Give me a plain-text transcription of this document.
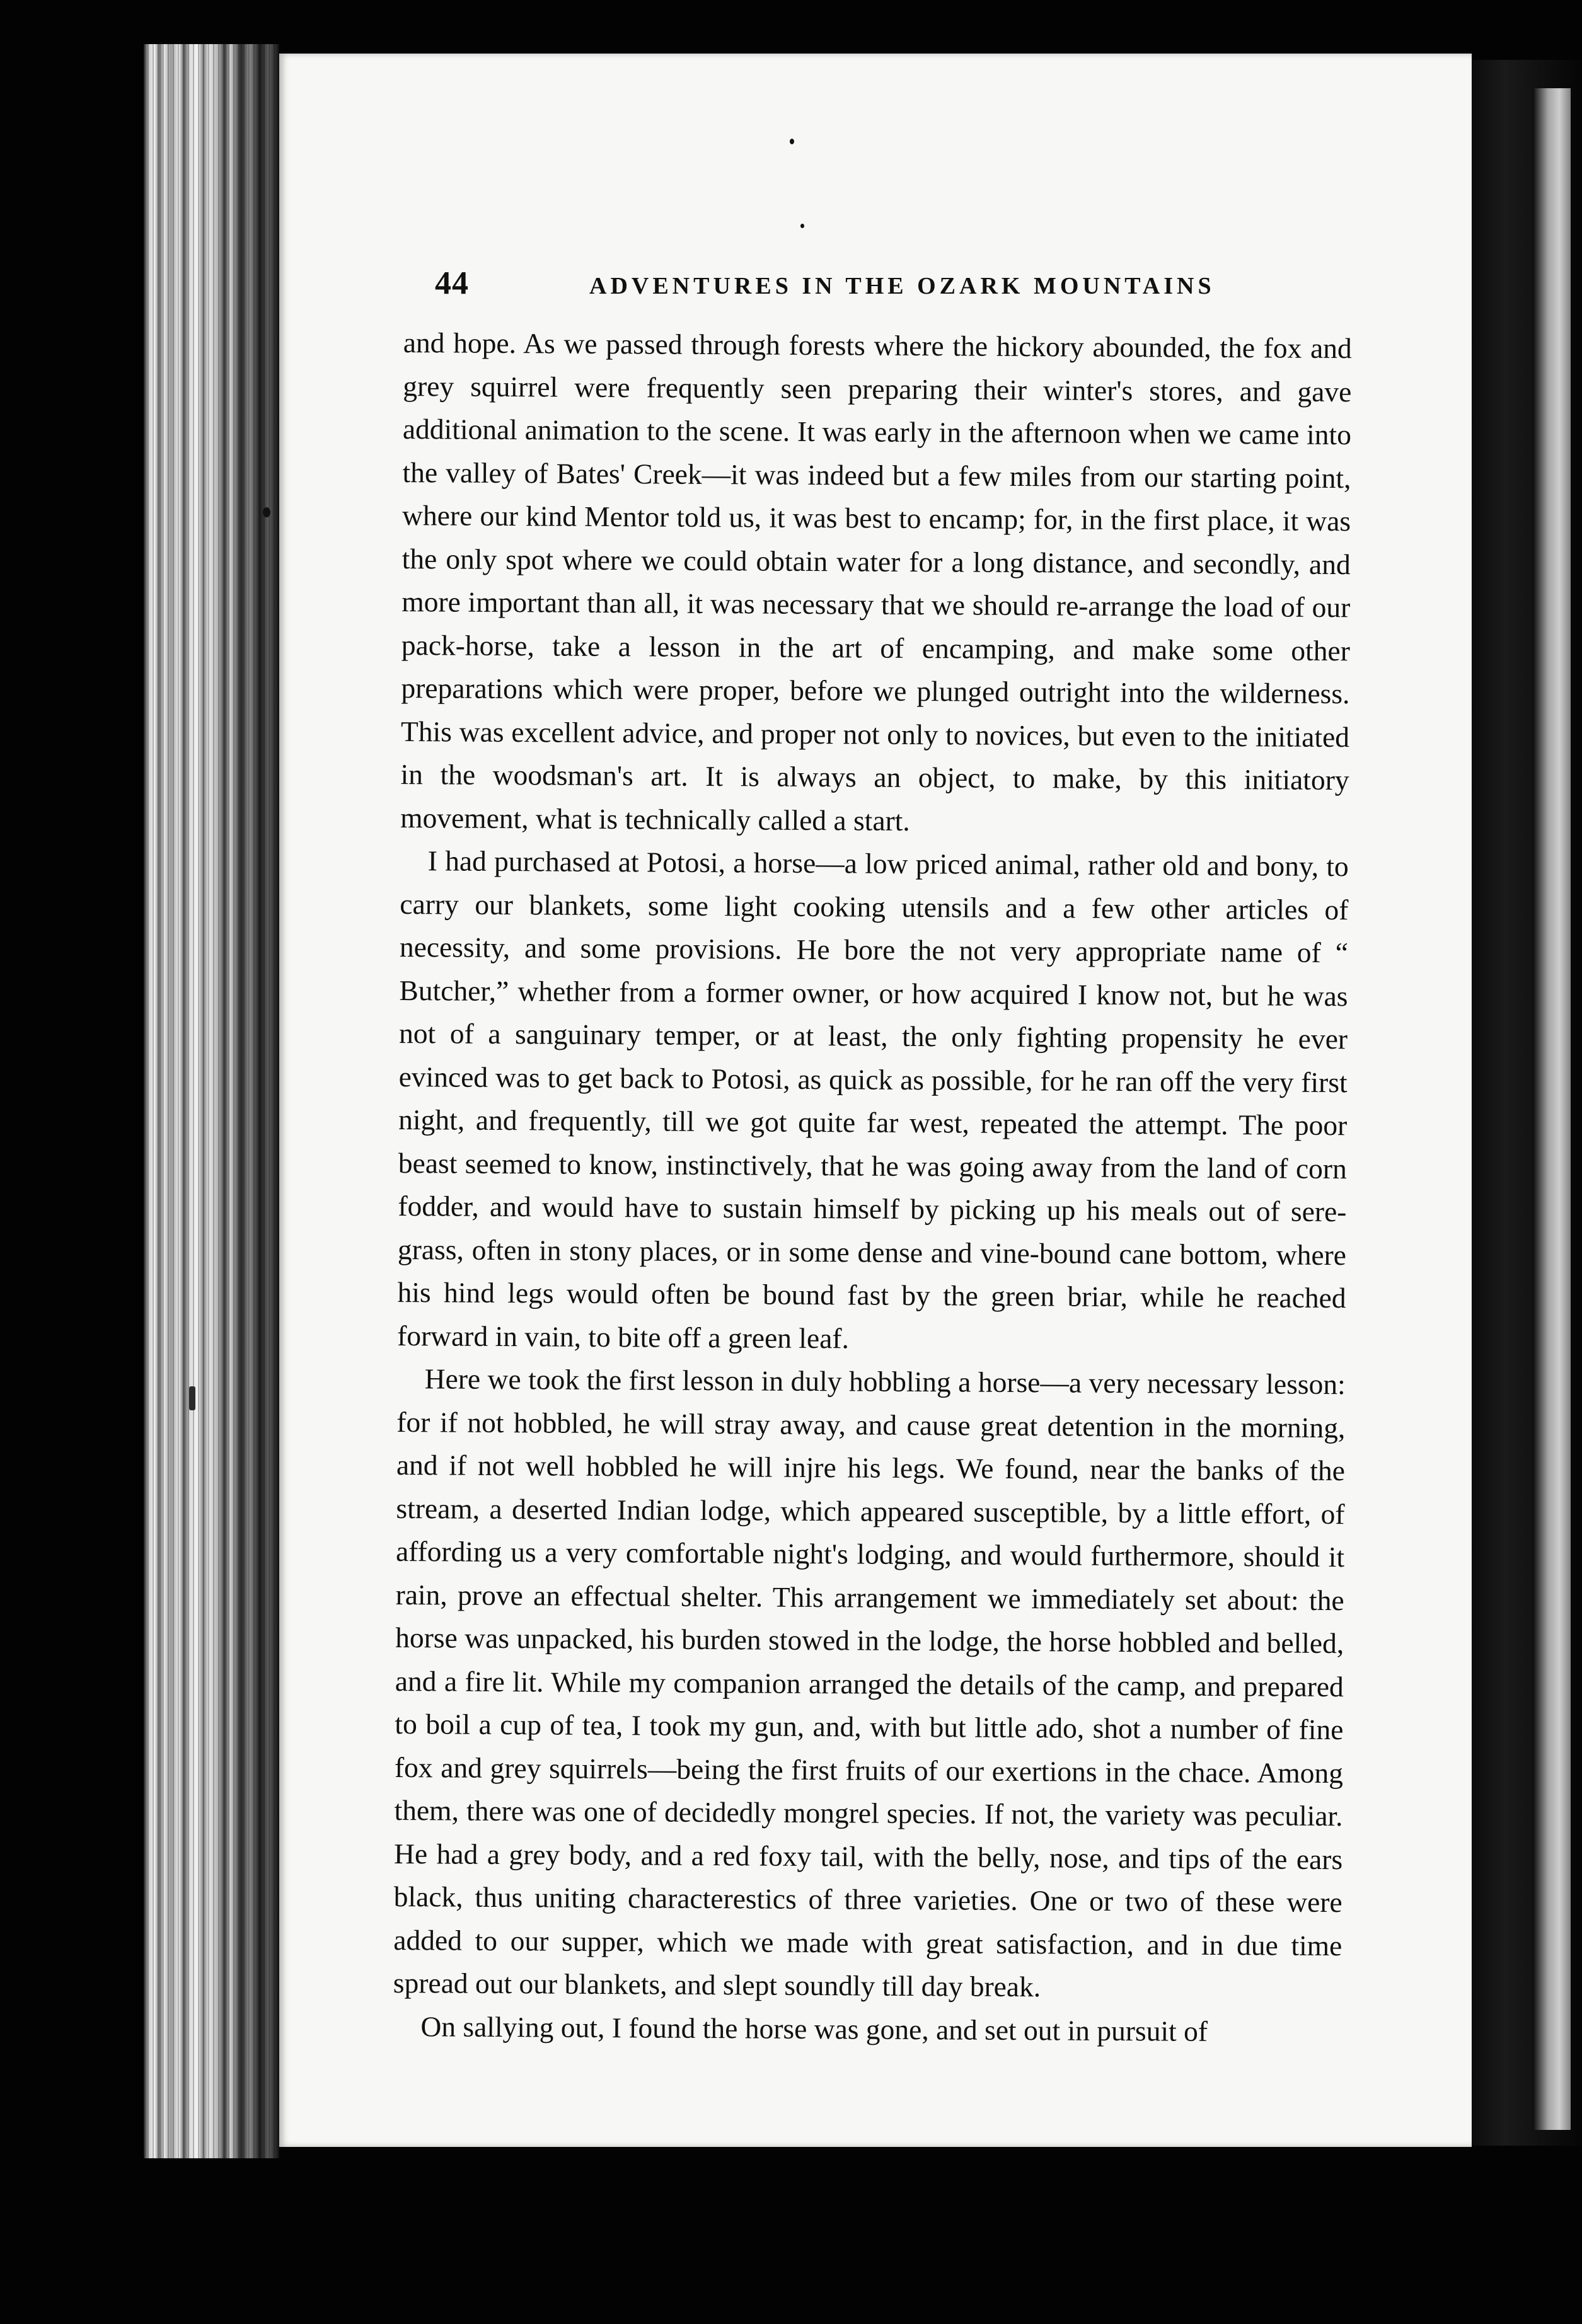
44	ADVENTURES IN THE OZARK MOUNTAINS

and hope. As we passed through forests where the hickory abounded, the fox and grey squirrel were frequently seen preparing their winter's stores, and gave additional animation to the scene. It was early in the afternoon when we came into the valley of Bates' Creek—it was indeed but a few miles from our starting point, where our kind Mentor told us, it was best to encamp; for, in the first place, it was the only spot where we could obtain water for a long distance, and secondly, and more important than all, it was necessary that we should re-arrange the load of our pack-horse, take a lesson in the art of encamping, and make some other preparations which were proper, before we plunged outright into the wilderness. This was excellent advice, and proper not only to novices, but even to the initiated in the woodsman's art. It is always an object, to make, by this initiatory movement, what is technically called a start.

I had purchased at Potosi, a horse—a low priced animal, rather old and bony, to carry our blankets, some light cooking utensils and a few other articles of necessity, and some provisions. He bore the not very appropriate name of “ Butcher,” whether from a former owner, or how acquired I know not, but he was not of a sanguinary temper, or at least, the only fighting propensity he ever evinced was to get back to Potosi, as quick as possible, for he ran off the very first night, and frequently, till we got quite far west, repeated the attempt. The poor beast seemed to know, instinctively, that he was going away from the land of corn fodder, and would have to sustain himself by picking up his meals out of sere-grass, often in stony places, or in some dense and vine-bound cane bottom, where his hind legs would often be bound fast by the green briar, while he reached forward in vain, to bite off a green leaf.

Here we took the first lesson in duly hobbling a horse—a very necessary lesson: for if not hobbled, he will stray away, and cause great detention in the morning, and if not well hobbled he will injre his legs. We found, near the banks of the stream, a deserted Indian lodge, which appeared susceptible, by a little effort, of affording us a very comfortable night's lodging, and would furthermore, should it rain, prove an effectual shelter. This arrangement we immediately set about: the horse was unpacked, his burden stowed in the lodge, the horse hobbled and belled, and a fire lit. While my companion arranged the details of the camp, and prepared to boil a cup of tea, I took my gun, and, with but little ado, shot a number of fine fox and grey squirrels—being the first fruits of our exertions in the chace. Among them, there was one of decidedly mongrel species. If not, the variety was peculiar. He had a grey body, and a red foxy tail, with the belly, nose, and tips of the ears black, thus uniting characterestics of three varieties. One or two of these were added to our supper, which we made with great satisfaction, and in due time spread out our blankets, and slept soundly till day break.

On sallying out, I found the horse was gone, and set out in pursuit of
